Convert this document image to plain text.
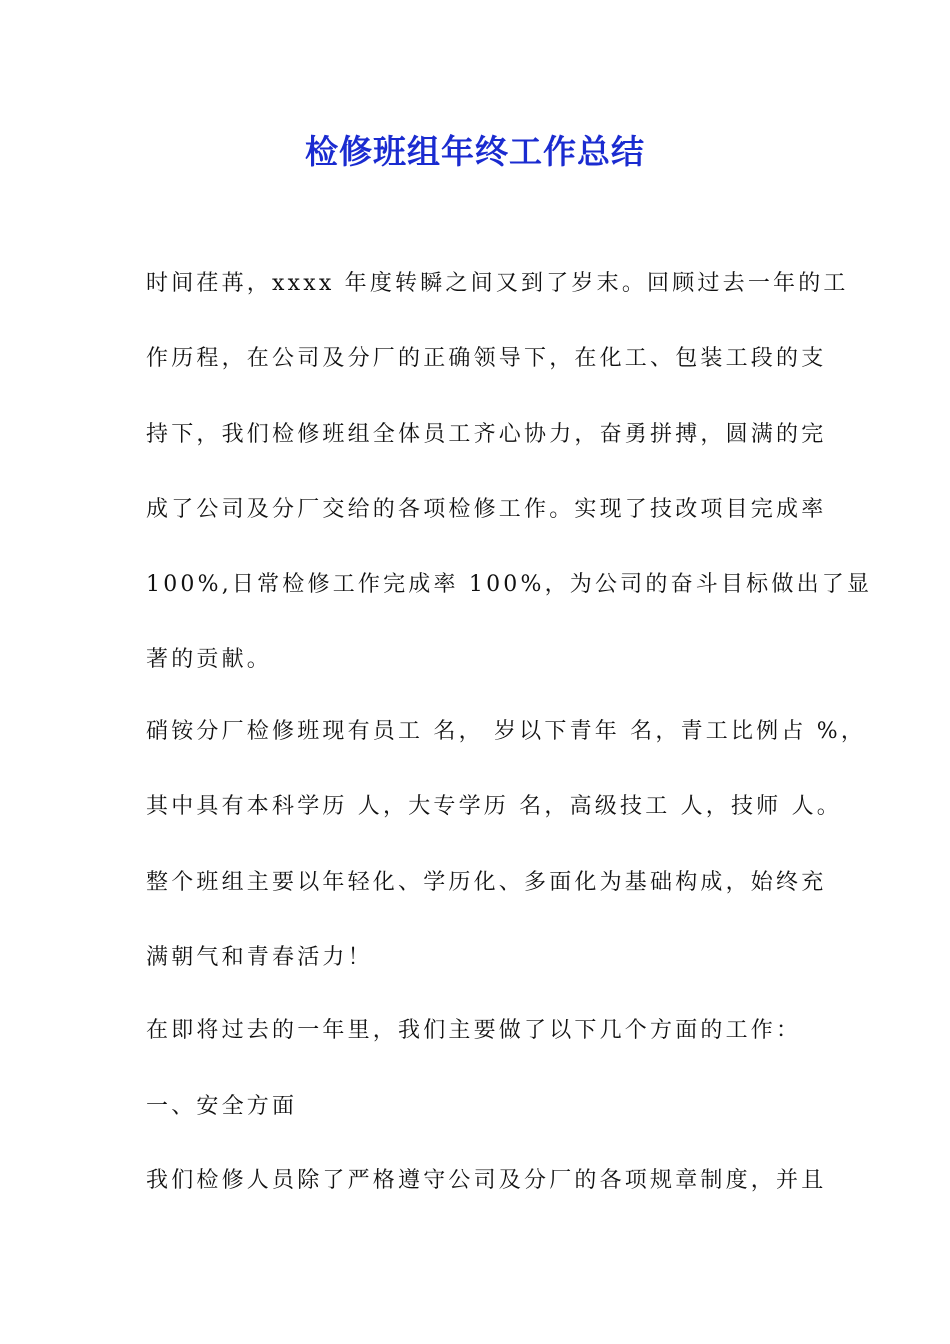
检修班组年终工作总结

时间荏苒，xxxx 年度转瞬之间又到了岁末。回顾过去一年的工

作历程，在公司及分厂的正确领导下，在化工、包装工段的支

持下，我们检修班组全体员工齐心协力，奋勇拼搏，圆满的完

成了公司及分厂交给的各项检修工作。实现了技改项目完成率

100%,日常检修工作完成率 100%，为公司的奋斗目标做出了显

著的贡献。

硝铵分厂检修班现有员工 名， 岁以下青年 名，青工比例占 %，

其中具有本科学历 人，大专学历 名，高级技工 人，技师 人。

整个班组主要以年轻化、学历化、多面化为基础构成，始终充

满朝气和青春活力！

在即将过去的一年里，我们主要做了以下几个方面的工作：

一、安全方面

我们检修人员除了严格遵守公司及分厂的各项规章制度，并且
